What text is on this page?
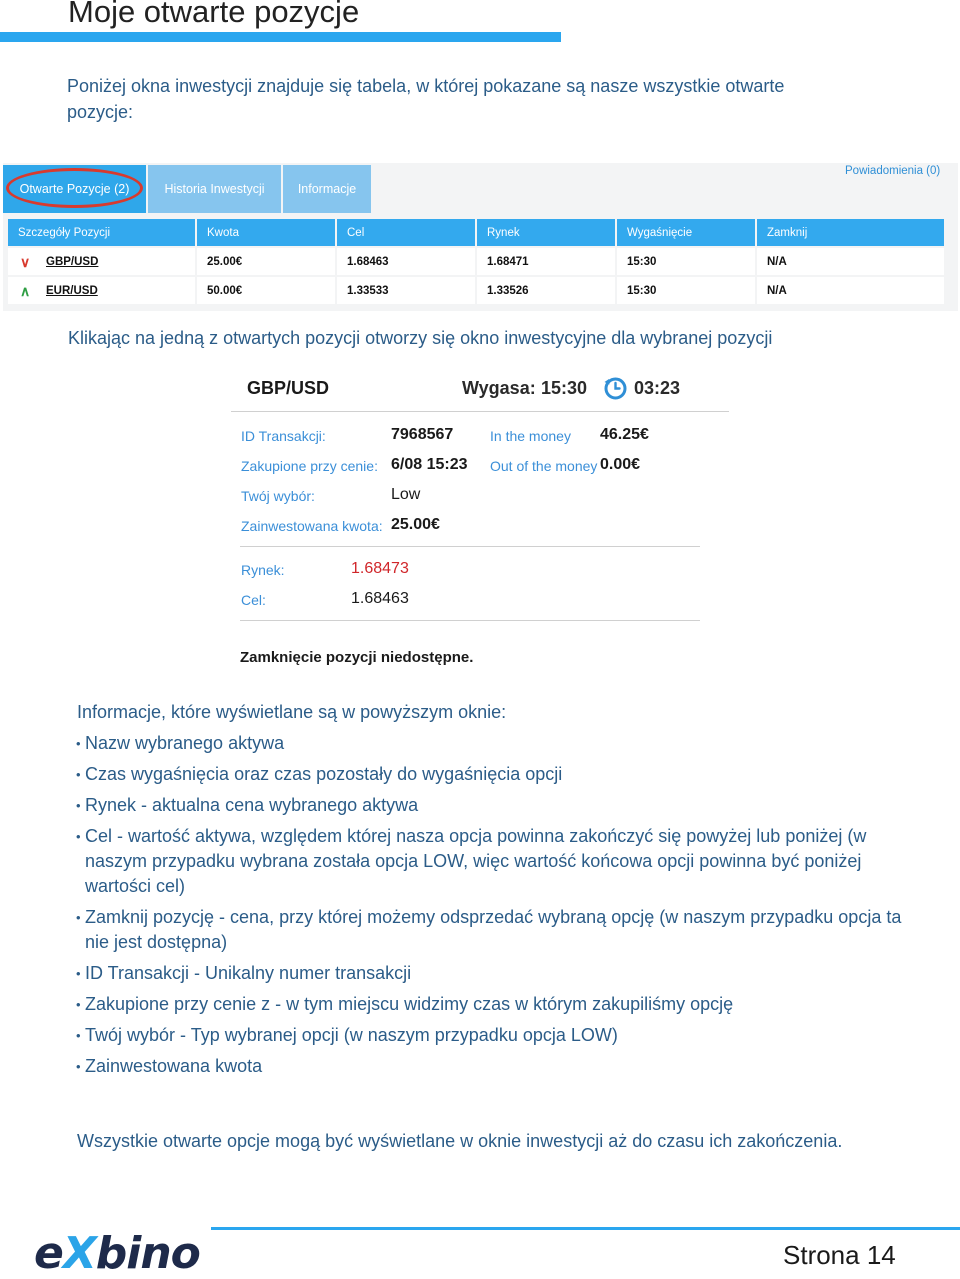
Moje otwarte pozycje
Poniżej okna inwestycji znajduje się tabela, w której pokazane są nasze wszystkie otwarte pozycje:
Otwarte Pozycje (2)	Historia Inwestycji	Informacje
Powiadomienia (0)
Szczegóły Pozycji	Kwota	Cel	Rynek	Wygaśnięcie	Zamknij

∨ GBP/USD	25.00€	1.68463	1.68471	15:30	N/A

∧ EUR/USD	50.00€	1.33533	1.33526	15:30	N/A
Klikając na jedną z otwartych pozycji otworzy się okno inwestycyjne dla wybranej pozycji
GBP/USD	Wygasa: 15:30	03:23
ID Transakcji:	7968567	In the money 46.25€
Zakupione przy cenie: 6/08 15:23 Out of the money 0.00€
Twój wybór:	Low
Zainwestowana kwota: 25.00€
Rynek:	1.68473
Cel:	1.68463
Zamknięcie pozycji niedostępne.
Informacje, które wyświetlane są w powyższym oknie:
• Nazw wybranego aktywa
• Czas wygaśnięcia oraz czas pozostały do wygaśnięcia opcji
• Rynek - aktualna cena wybranego aktywa
• Cel - wartość aktywa, względem której nasza opcja powinna zakończyć się powyżej lub poniżej (w naszym przypadku wybrana została opcja LOW, więc wartość końcowa opcji powinna być poniżej wartości cel)
• Zamknij pozycję - cena, przy której możemy odsprzedać wybraną opcję (w naszym przypadku opcja ta nie jest dostępna)
• ID Transakcji - Unikalny numer transakcji
• Zakupione przy cenie z - w tym miejscu widzimy czas w którym zakupiliśmy opcję
• Twój wybór - Typ wybranej opcji (w naszym przypadku opcja LOW)
• Zainwestowana kwota
Wszystkie otwarte opcje mogą być wyświetlane w oknie inwestycji aż do czasu ich zakończenia.
eXbino	Strona 14
